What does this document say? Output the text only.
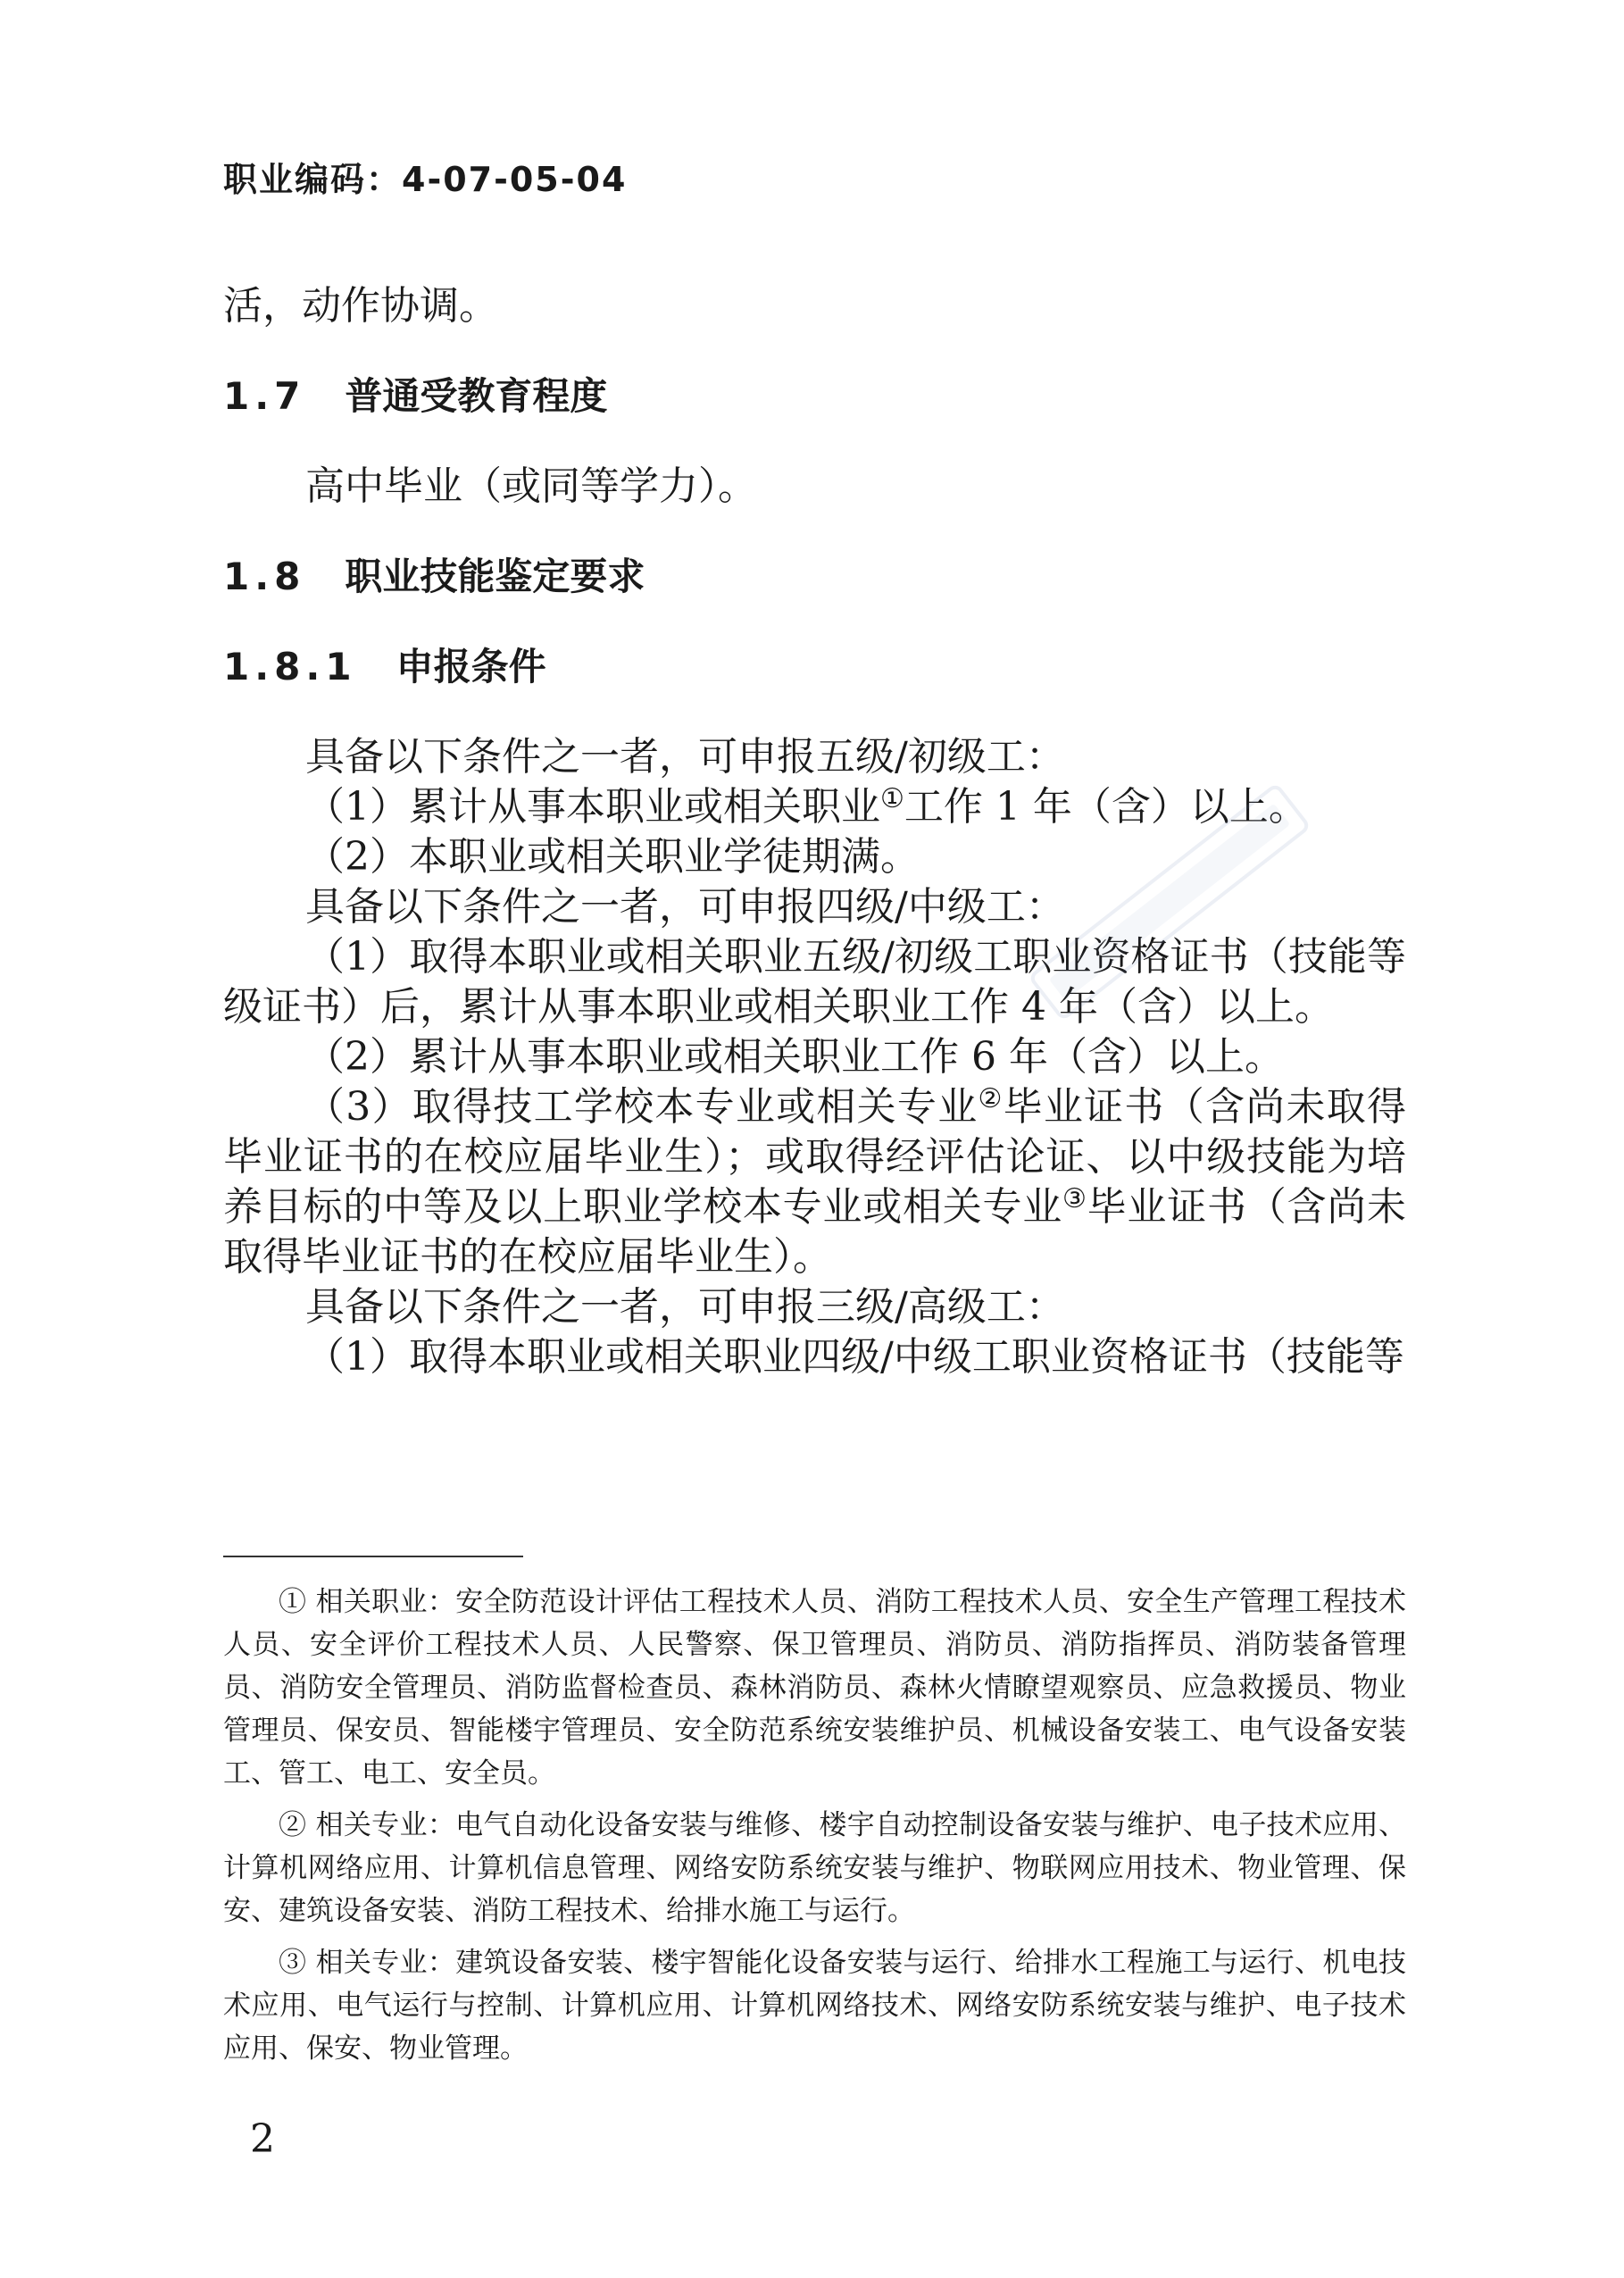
职业编码：4-07-05-04

活，动作协调。

1.7 普通受教育程度

高中毕业（或同等学力）。

1.8 职业技能鉴定要求
1.8.1 申报条件

具备以下条件之一者，可申报五级/初级工：

（1）累计从事本职业或相关职业①工作 1 年（含）以上。

（2）本职业或相关职业学徒期满。

具备以下条件之一者，可申报四级/中级工：

（1）取得本职业或相关职业五级/初级工职业资格证书（技能等级证书）后，累计从事本职业或相关职业工作 4 年（含）以上。

（2）累计从事本职业或相关职业工作 6 年（含）以上。

（3）取得技工学校本专业或相关专业②毕业证书（含尚未取得毕业证书的在校应届毕业生）；或取得经评估论证、以中级技能为培养目标的中等及以上职业学校本专业或相关专业③毕业证书（含尚未取得毕业证书的在校应届毕业生）。

具备以下条件之一者，可申报三级/高级工：

（1）取得本职业或相关职业四级/中级工职业资格证书（技能等

① 相关职业：安全防范设计评估工程技术人员、消防工程技术人员、安全生产管理工程技术人员、安全评价工程技术人员、人民警察、保卫管理员、消防员、消防指挥员、消防装备管理员、消防安全管理员、消防监督检查员、森林消防员、森林火情瞭望观察员、应急救援员、物业管理员、保安员、智能楼宇管理员、安全防范系统安装维护员、机械设备安装工、电气设备安装工、管工、电工、安全员。

② 相关专业：电气自动化设备安装与维修、楼宇自动控制设备安装与维护、电子技术应用、计算机网络应用、计算机信息管理、网络安防系统安装与维护、物联网应用技术、物业管理、保安、建筑设备安装、消防工程技术、给排水施工与运行。

③ 相关专业：建筑设备安装、楼宇智能化设备安装与运行、给排水工程施工与运行、机电技术应用、电气运行与控制、计算机应用、计算机网络技术、网络安防系统安装与维护、电子技术应用、保安、物业管理。

2
